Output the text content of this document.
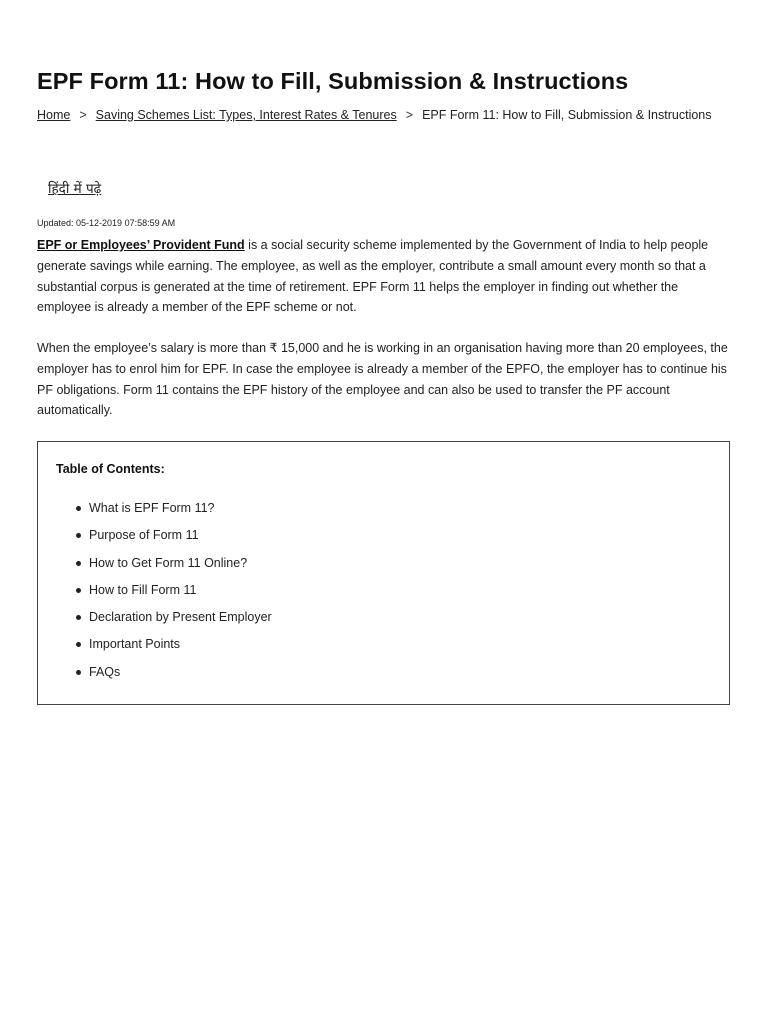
EPF Form 11: How to Fill, Submission & Instructions
Home > Saving Schemes List: Types, Interest Rates & Tenures > EPF Form 11: How to Fill, Submission & Instructions
हिंदी में पढ़े
Updated: 05-12-2019 07:58:59 AM

EPF or Employees’ Provident Fund is a social security scheme implemented by the Government of India to help people generate savings while earning. The employee, as well as the employer, contribute a small amount every month so that a substantial corpus is generated at the time of retirement. EPF Form 11 helps the employer in finding out whether the employee is already a member of the EPF scheme or not.

When the employee’s salary is more than ₹ 15,000 and he is working in an organisation having more than 20 employees, the employer has to enrol him for EPF. In case the employee is already a member of the EPFO, the employer has to continue his PF obligations. Form 11 contains the EPF history of the employee and can also be used to transfer the PF account automatically.

Table of Contents:
What is EPF Form 11?
Purpose of Form 11
How to Get Form 11 Online?
How to Fill Form 11
Declaration by Present Employer
Important Points
FAQs
